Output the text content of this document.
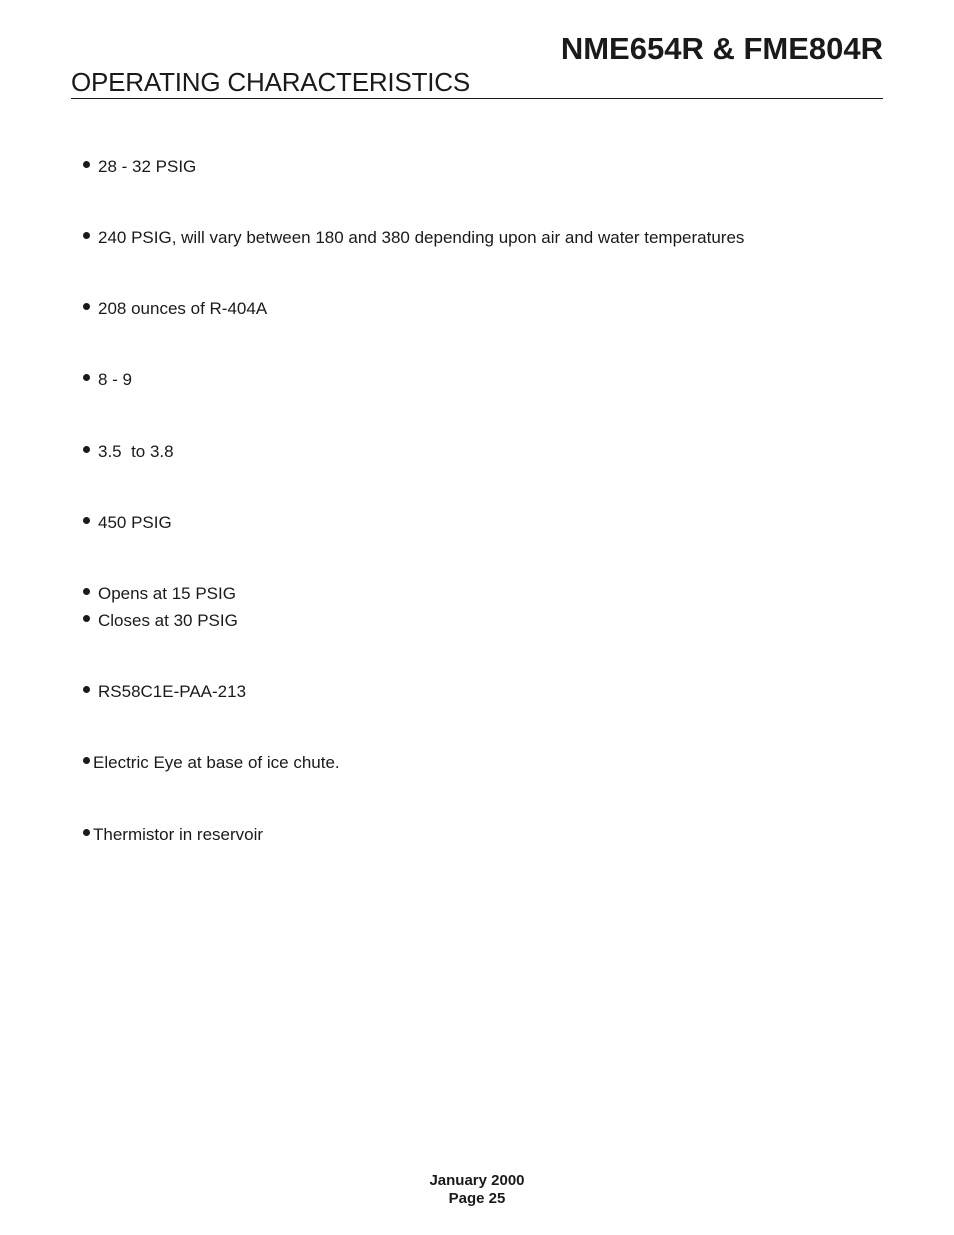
NME654R & FME804R
OPERATING CHARACTERISTICS
28 - 32 PSIG
240 PSIG, will vary between 180 and 380 depending upon air and water temperatures
208 ounces of R-404A
8 - 9
3.5  to 3.8
450 PSIG
Opens at 15 PSIG
Closes at 30 PSIG
RS58C1E-PAA-213
Electric Eye at base of ice chute.
Thermistor in reservoir
January 2000
Page 25
